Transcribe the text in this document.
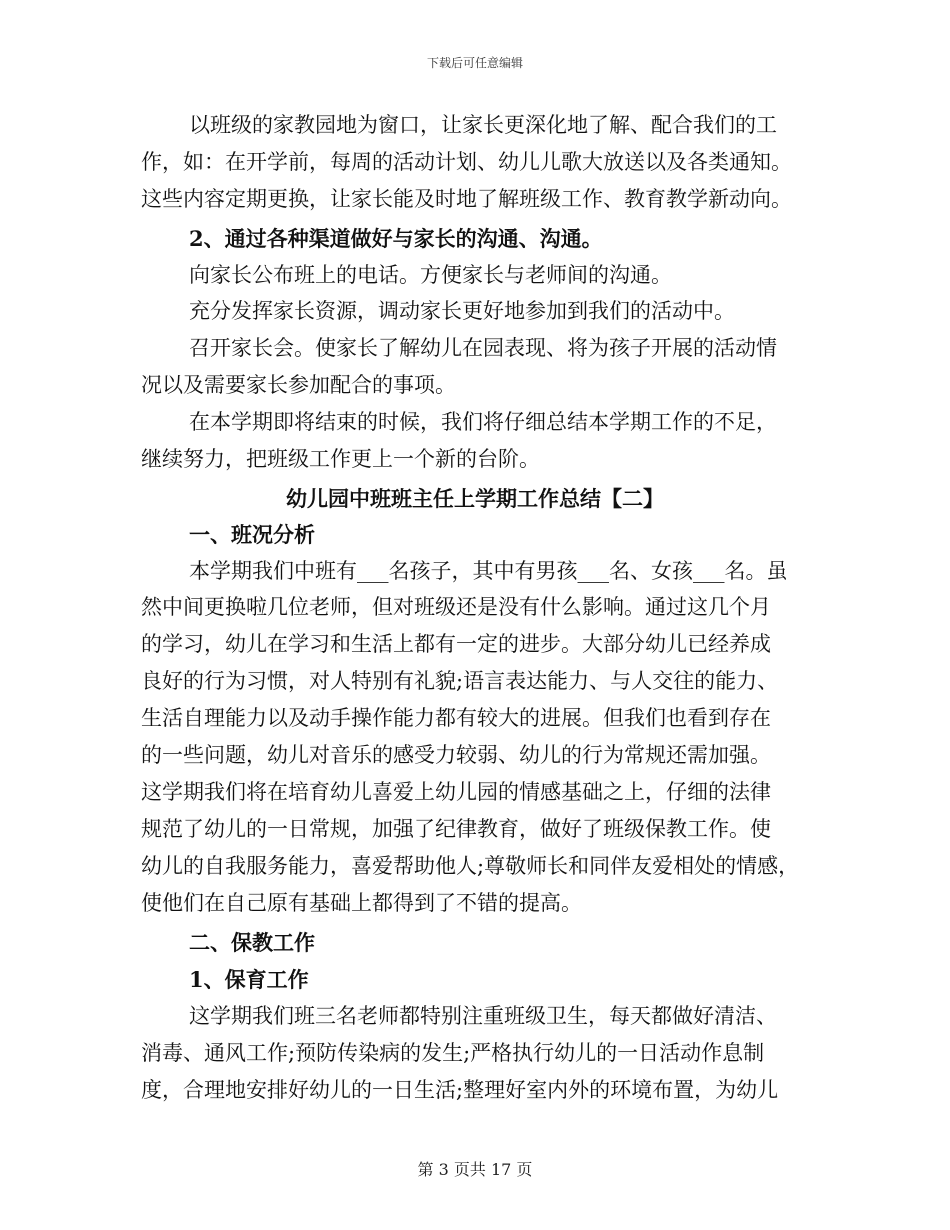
下载后可任意编辑
以班级的家教园地为窗口，让家长更深化地了解、配合我们的工
作，如：在开学前，每周的活动计划、幼儿儿歌大放送以及各类通知。
这些内容定期更换，让家长能及时地了解班级工作、教育教学新动向。
2、通过各种渠道做好与家长的沟通、沟通。
向家长公布班上的电话。方便家长与老师间的沟通。
充分发挥家长资源，调动家长更好地参加到我们的活动中。
召开家长会。使家长了解幼儿在园表现、将为孩子开展的活动情
况以及需要家长参加配合的事项。
在本学期即将结束的时候，我们将仔细总结本学期工作的不足，
继续努力，把班级工作更上一个新的台阶。
幼儿园中班班主任上学期工作总结【二】
一、班况分析
本学期我们中班有___名孩子，其中有男孩___名、女孩___名。虽
然中间更换啦几位老师，但对班级还是没有什么影响。通过这几个月
的学习，幼儿在学习和生活上都有一定的进步。大部分幼儿已经养成
良好的行为习惯，对人特别有礼貌;语言表达能力、与人交往的能力、
生活自理能力以及动手操作能力都有较大的进展。但我们也看到存在
的一些问题，幼儿对音乐的感受力较弱、幼儿的行为常规还需加强。
这学期我们将在培育幼儿喜爱上幼儿园的情感基础之上，仔细的法律
规范了幼儿的一日常规，加强了纪律教育，做好了班级保教工作。使
幼儿的自我服务能力，喜爱帮助他人;尊敬师长和同伴友爱相处的情感，
使他们在自己原有基础上都得到了不错的提高。
二、保教工作
1、保育工作
这学期我们班三名老师都特别注重班级卫生，每天都做好清洁、
消毒、通风工作;预防传染病的发生;严格执行幼儿的一日活动作息制
度，合理地安排好幼儿的一日生活;整理好室内外的环境布置，为幼儿
第 3 页共 17 页
